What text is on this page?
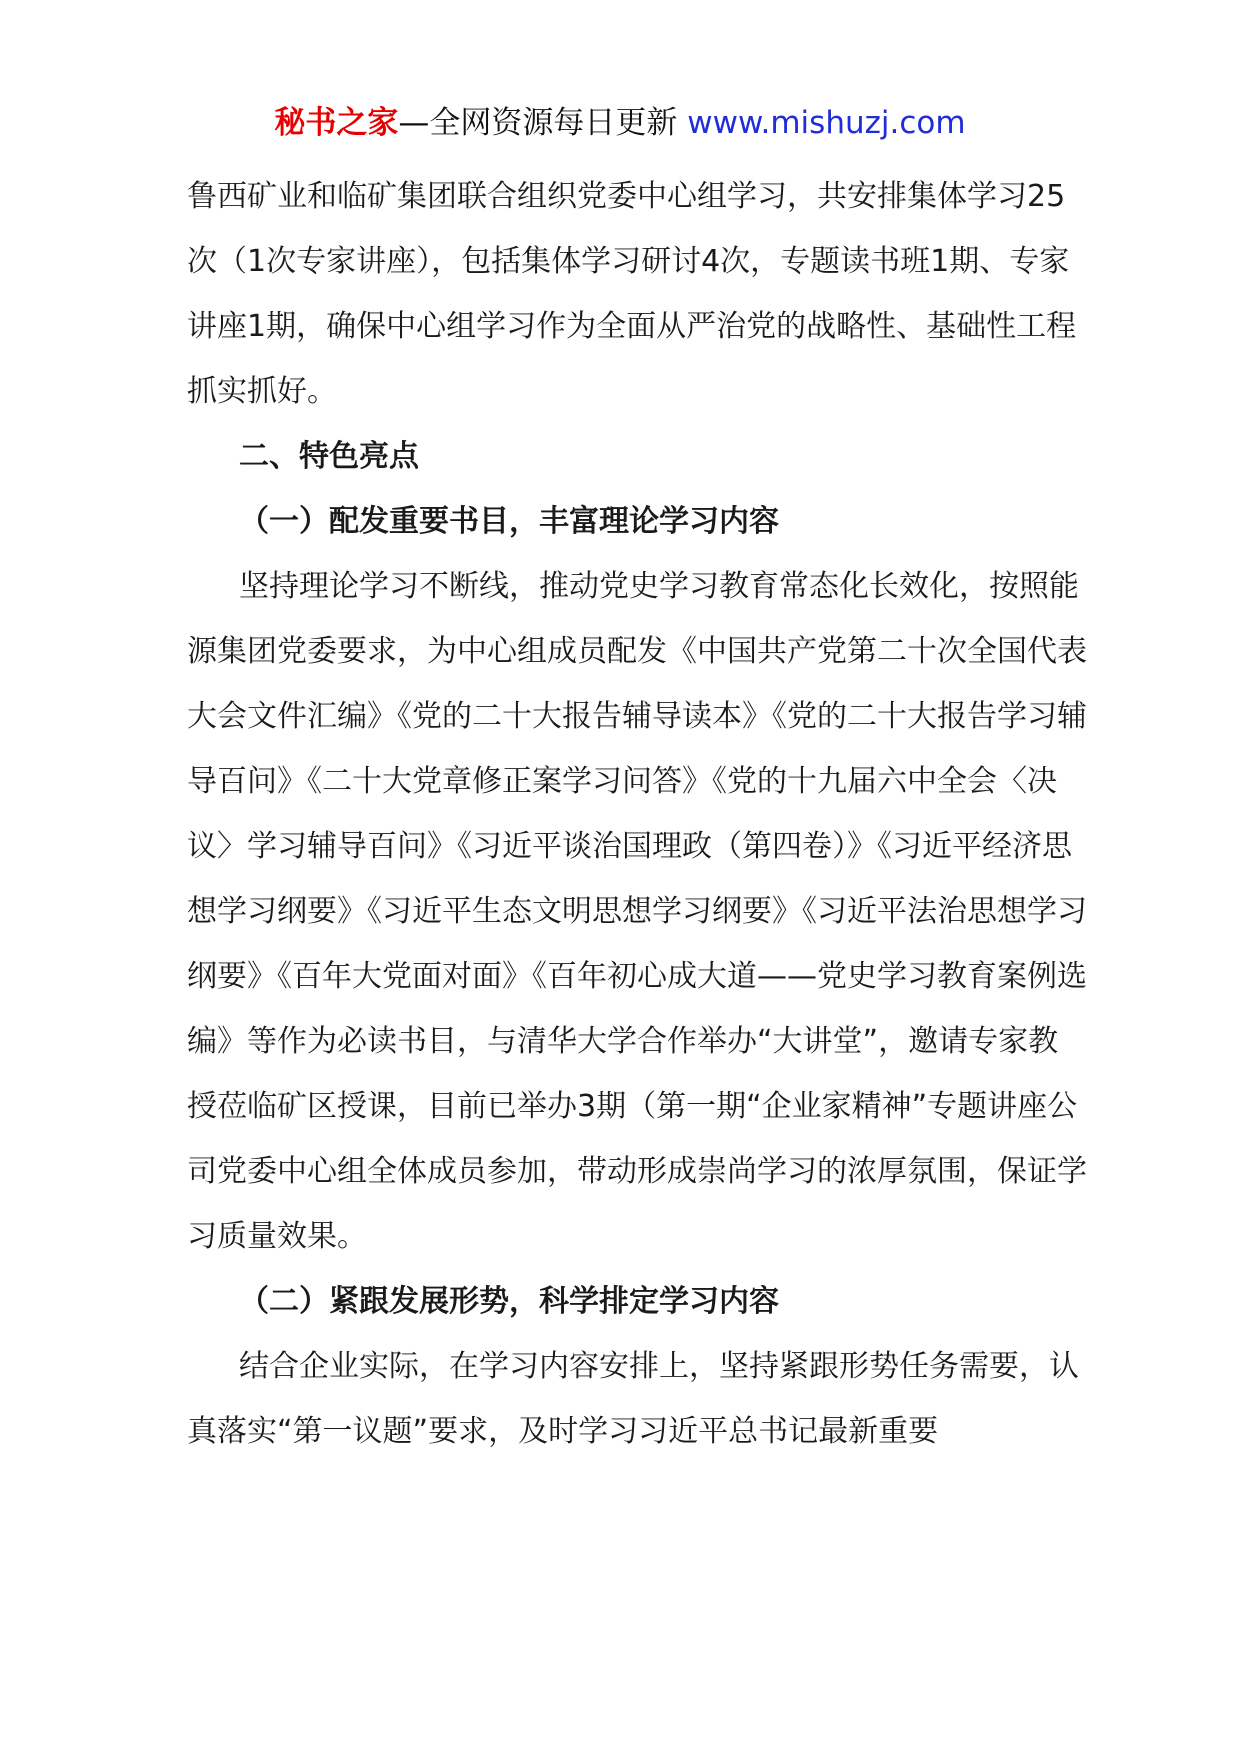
秘书之家—全网资源每日更新 www.mishuzj.com

鲁西矿业和临矿集团联合组织党委中心组学习，共安排集体学习25次（1次专家讲座），包括集体学习研讨4次，专题读书班1期、专家讲座1期，确保中心组学习作为全面从严治党的战略性、基础性工程抓实抓好。

二、特色亮点

（一）配发重要书目，丰富理论学习内容

坚持理论学习不断线，推动党史学习教育常态化长效化，按照能源集团党委要求，为中心组成员配发《中国共产党第二十次全国代表大会文件汇编》《党的二十大报告辅导读本》《党的二十大报告学习辅导百问》《二十大党章修正案学习问答》《党的十九届六中全会〈决议〉学习辅导百问》《习近平谈治国理政（第四卷）》《习近平经济思想学习纲要》《习近平生态文明思想学习纲要》《习近平法治思想学习纲要》《百年大党面对面》《百年初心成大道——党史学习教育案例选编》等作为必读书目，与清华大学合作举办“大讲堂”，邀请专家教授莅临矿区授课，目前已举办3期（第一期“企业家精神”专题讲座公司党委中心组全体成员参加，带动形成崇尚学习的浓厚氛围，保证学习质量效果。

（二）紧跟发展形势，科学排定学习内容

结合企业实际，在学习内容安排上，坚持紧跟形势任务需要，认真落实“第一议题”要求，及时学习习近平总书记最新重要
